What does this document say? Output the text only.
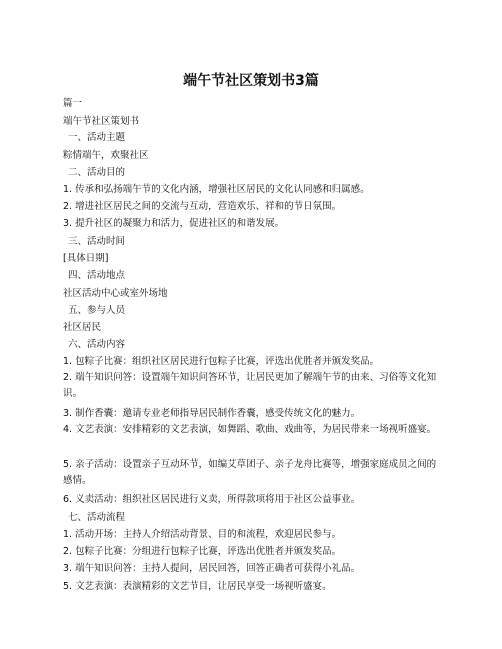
端午节社区策划书3篇
篇一
端午节社区策划书
一、活动主题
粽情端午，欢聚社区
二、活动目的
1. 传承和弘扬端午节的文化内涵，增强社区居民的文化认同感和归属感。
2. 增进社区居民之间的交流与互动，营造欢乐、祥和的节日氛围。
3. 提升社区的凝聚力和活力，促进社区的和谐发展。
三、活动时间
[具体日期]
四、活动地点
社区活动中心或室外场地
五、参与人员
社区居民
六、活动内容
1. 包粽子比赛：组织社区居民进行包粽子比赛，评选出优胜者并颁发奖品。
2. 端午知识问答：设置端午知识问答环节，让居民更加了解端午节的由来、习俗等文化知识。
3. 制作香囊：邀请专业老师指导居民制作香囊，感受传统文化的魅力。
4. 文艺表演：安排精彩的文艺表演，如舞蹈、歌曲、戏曲等，为居民带来一场视听盛宴。
5. 亲子活动：设置亲子互动环节，如编艾草团子、亲子龙舟比赛等，增强家庭成员之间的感情。
6. 义卖活动：组织社区居民进行义卖，所得款项将用于社区公益事业。
七、活动流程
1. 活动开场：主持人介绍活动背景、目的和流程，欢迎居民参与。
2. 包粽子比赛：分组进行包粽子比赛，评选出优胜者并颁发奖品。
3. 端午知识问答：主持人提问，居民回答，回答正确者可获得小礼品。
5. 文艺表演：表演精彩的文艺节目，让居民享受一场视听盛宴。
